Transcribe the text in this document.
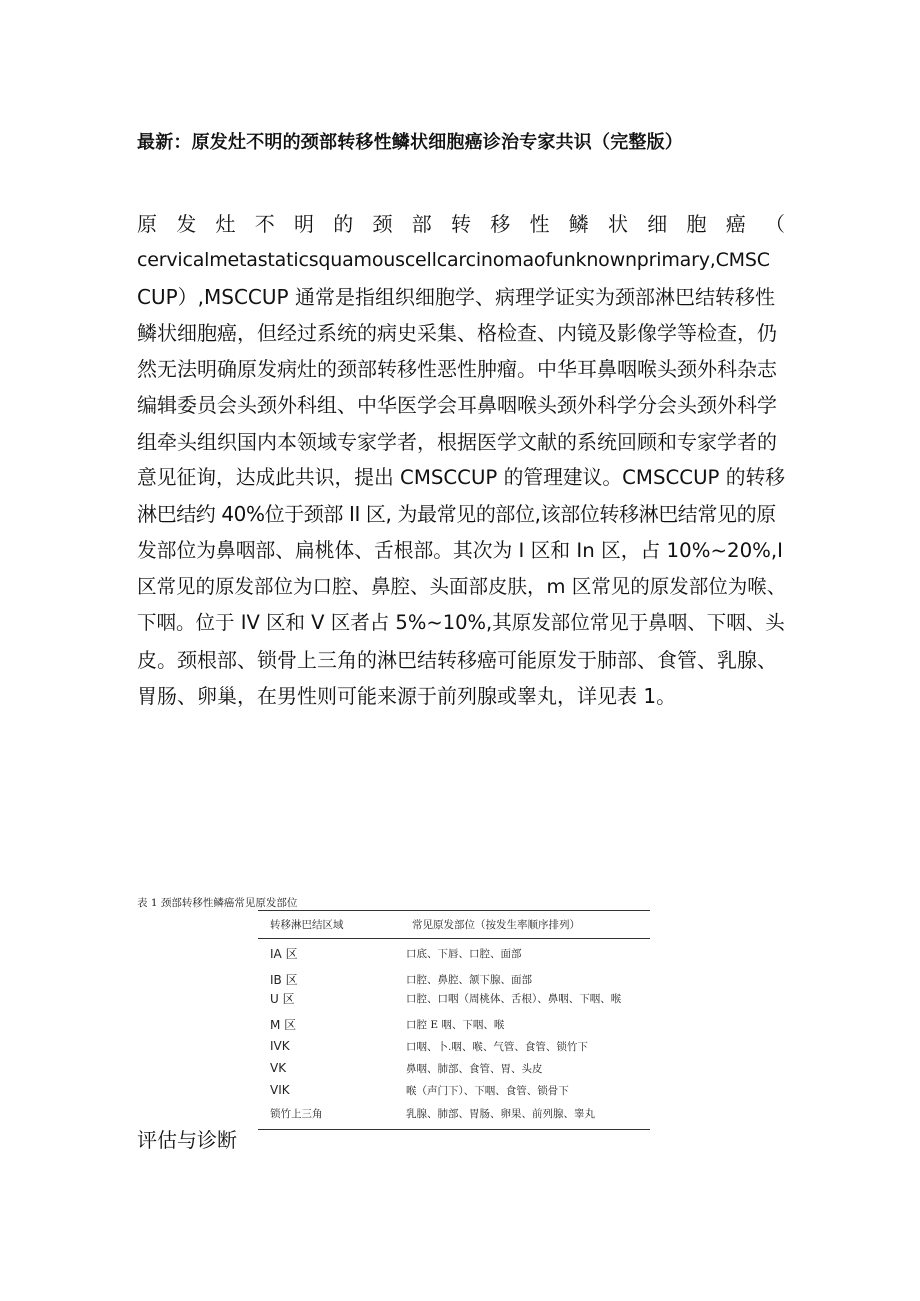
最新：原发灶不明的颈部转移性鳞状细胞癌诊治专家共识（完整版）
原 发 灶 不 明 的 颈 部 转 移 性 鳞 状 细 胞 癌 （
cervicalmetastaticsquamouscellcarcinomaofunknownprimary,CMSC
CUP）,MSCCUP 通常是指组织细胞学、病理学证实为颈部淋巴结转移性
鳞状细胞癌，但经过系统的病史采集、格检查、内镜及影像学等检查，仍
然无法明确原发病灶的颈部转移性恶性肿瘤。中华耳鼻咽喉头颈外科杂志
编辑委员会头颈外科组、中华医学会耳鼻咽喉头颈外科学分会头颈外科学
组牵头组织国内本领域专家学者，根据医学文献的系统回顾和专家学者的
意见征询，达成此共识，提出 CMSCCUP 的管理建议。CMSCCUP 的转移
淋巴结约 40%位于颈部 II 区, 为最常见的部位,该部位转移淋巴结常见的原
发部位为鼻咽部、扁桃体、舌根部。其次为 I 区和 In 区，占 10%~20%,I
区常见的原发部位为口腔、鼻腔、头面部皮肤，m 区常见的原发部位为喉、
下咽。位于 IV 区和 V 区者占 5%~10%,其原发部位常见于鼻咽、下咽、头
皮。颈根部、锁骨上三角的淋巴结转移癌可能原发于肺部、食管、乳腺、
胃肠、卵巢，在男性则可能来源于前列腺或睾丸，详见表 1。
表 1 颈部转移性鳞癌常见原发部位
转移淋巴结区域	常见原发部位（按发生率顺序排列）
IA 区	口底、下唇、口腔、面部
IB 区	口腔、鼻腔、颔下腺、面部
U 区	口腔、口咽（周桃体、舌根）、鼻咽、下咽、喉
M 区	口腔 E 咽、下咽、喉
IVK	口咽、卜.咽、喉、气管、食管、锁竹下
VK	鼻咽、肺部、食管、胃、头皮
VIK	喉（声门下）、下咽、食管、锁骨下
锁竹上三角	乳腺、肺部、胃肠、卵果、前列腺、睾丸
评估与诊断
